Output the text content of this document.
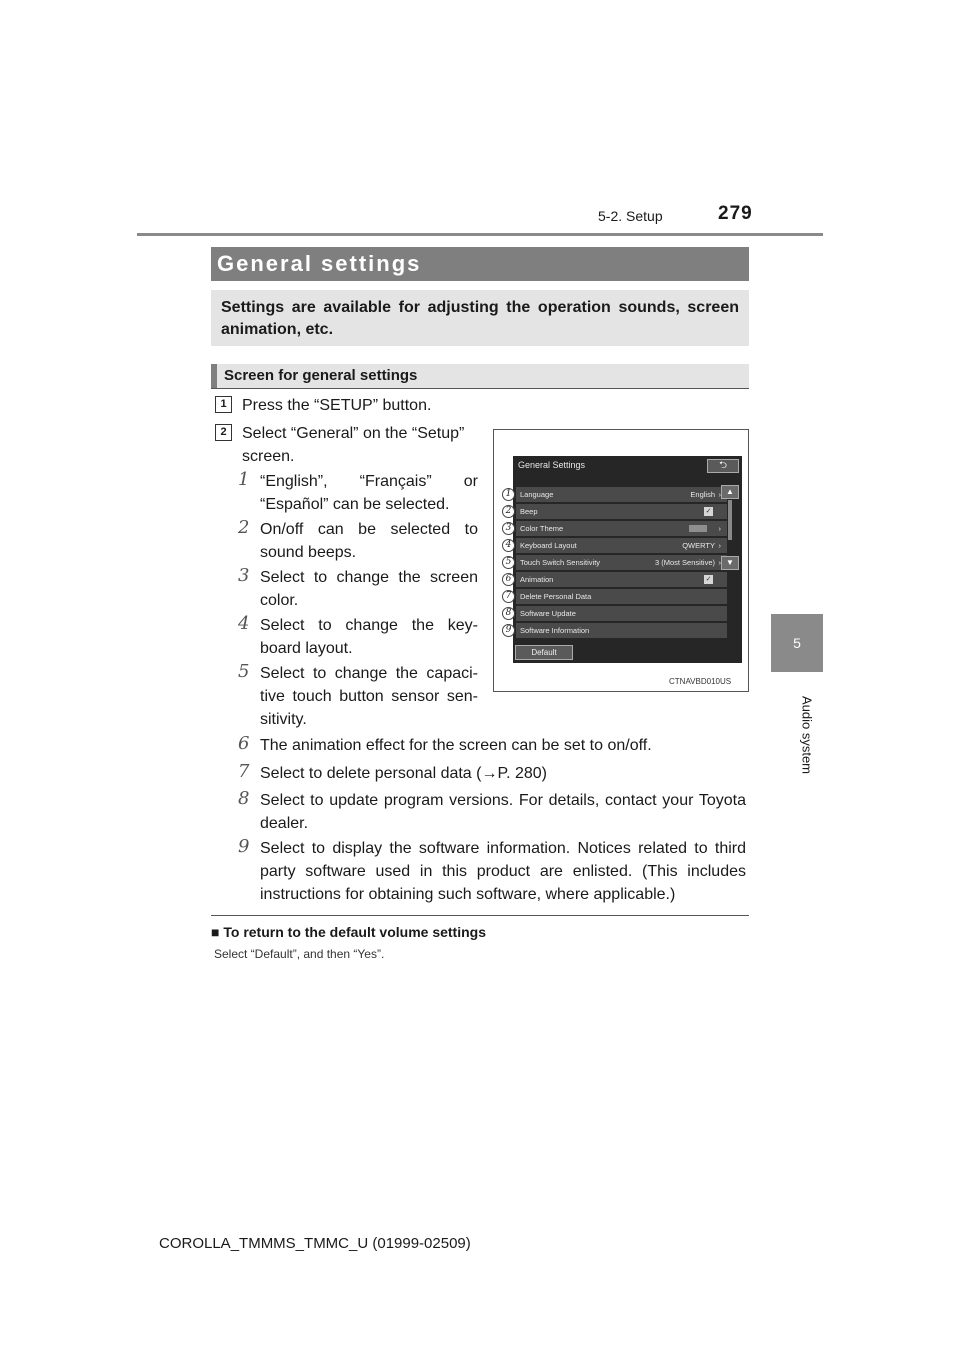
5-2. Setup	279
5
Audio system
General settings
Settings are available for adjusting the operation sounds, screen animation, etc.
Screen for general settings
1 Press the “SETUP” button.
2 Select “General” on the “Setup”
screen.
1 “English”, “Français” or “Español” can be selected.
2 On/off can be selected to sound beeps.
3 Select to change the screen color.
4 Select to change the key-board layout.
5 Select to change the capaci-tive touch button sensor sen-sitivity.
6 The animation effect for the screen can be set to on/off.
7 Select to delete personal data (→P. 280)
8 Select to update program versions. For details, contact your Toyota dealer.
9 Select to display the software information. Notices related to third party software used in this product are enlisted. (This includes instructions for obtaining such software, where applicable.)
General Settings	⮌
Language	English ›
Beep	✓
Color Theme	›
Keyboard Layout	QWERTY ›
Touch Switch Sensitivity	3 (Most Sensitive) ›
Animation	✓
Delete Personal Data
Software Update
Software Information
▲
▼
Default
1
2
3
4
5
6
7
8
9
CTNAVBD010US
■ To return to the default volume settings
Select “Default”, and then “Yes”.
COROLLA_TMMMS_TMMC_U (01999-02509)
